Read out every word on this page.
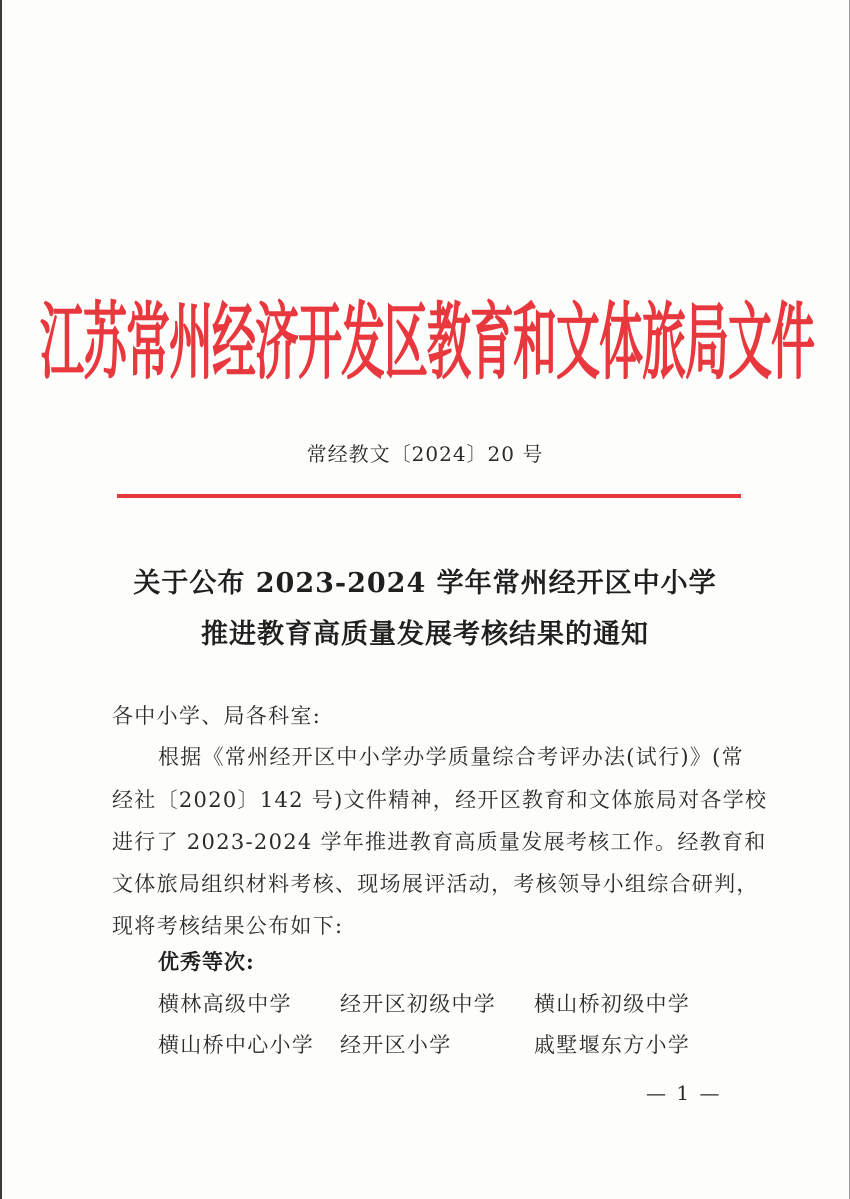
江苏常州经济开发区教育和文体旅局文件
常经教文〔2024〕20 号
关于公布 2023-2024 学年常州经开区中小学
推进教育高质量发展考核结果的通知
各中小学、局各科室:
根据《常州经开区中小学办学质量综合考评办法(试行)》(常
经社〔2020〕142 号)文件精神，经开区教育和文体旅局对各学校
进行了 2023-2024 学年推进教育高质量发展考核工作。经教育和
文体旅局组织材料考核、现场展评活动，考核领导小组综合研判，
现将考核结果公布如下:
优秀等次:
横林高级中学 经开区初级中学 横山桥初级中学
横山桥中心小学 经开区小学	戚墅堰东方小学
— 1 —
